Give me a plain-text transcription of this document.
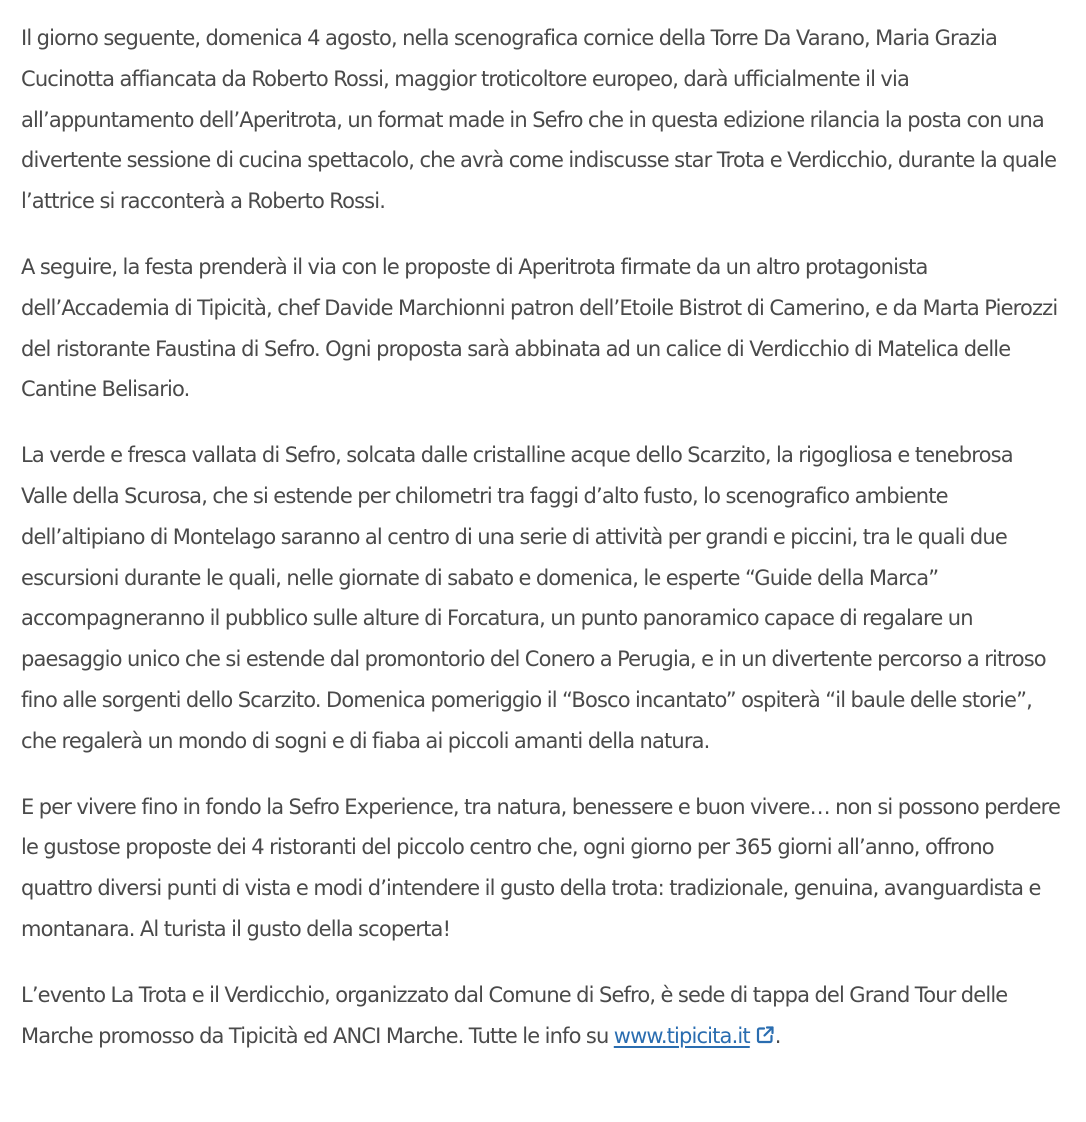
Il giorno seguente, domenica 4 agosto, nella scenografica cornice della Torre Da Varano, Maria Grazia Cucinotta affiancata da Roberto Rossi, maggior troticoltore europeo, darà ufficialmente il via all’appuntamento dell’Aperitrota, un format made in Sefro che in questa edizione rilancia la posta con una divertente sessione di cucina spettacolo, che avrà come indiscusse star Trota e Verdicchio, durante la quale l’attrice si racconterà a Roberto Rossi.

A seguire, la festa prenderà il via con le proposte di Aperitrota firmate da un altro protagonista dell’Accademia di Tipicità, chef Davide Marchionni patron dell’Etoile Bistrot di Camerino, e da Marta Pierozzi del ristorante Faustina di Sefro. Ogni proposta sarà abbinata ad un calice di Verdicchio di Matelica delle Cantine Belisario.

La verde e fresca vallata di Sefro, solcata dalle cristalline acque dello Scarzito, la rigogliosa e tenebrosa Valle della Scurosa, che si estende per chilometri tra faggi d’alto fusto, lo scenografico ambiente dell’altipiano di Montelago saranno al centro di una serie di attività per grandi e piccini, tra le quali due escursioni durante le quali, nelle giornate di sabato e domenica, le esperte “Guide della Marca” accompagneranno il pubblico sulle alture di Forcatura, un punto panoramico capace di regalare un paesaggio unico che si estende dal promontorio del Conero a Perugia, e in un divertente percorso a ritroso fino alle sorgenti dello Scarzito. Domenica pomeriggio il “Bosco incantato” ospiterà “il baule delle storie”, che regalerà un mondo di sogni e di fiaba ai piccoli amanti della natura.

E per vivere fino in fondo la Sefro Experience, tra natura, benessere e buon vivere… non si possono perdere le gustose proposte dei 4 ristoranti del piccolo centro che, ogni giorno per 365 giorni all’anno, offrono quattro diversi punti di vista e modi d’intendere il gusto della trota: tradizionale, genuina, avanguardista e montanara. Al turista il gusto della scoperta!

L’evento La Trota e il Verdicchio, organizzato dal Comune di Sefro, è sede di tappa del Grand Tour delle Marche promosso da Tipicità ed ANCI Marche. Tutte le info su www.tipicita.it .
